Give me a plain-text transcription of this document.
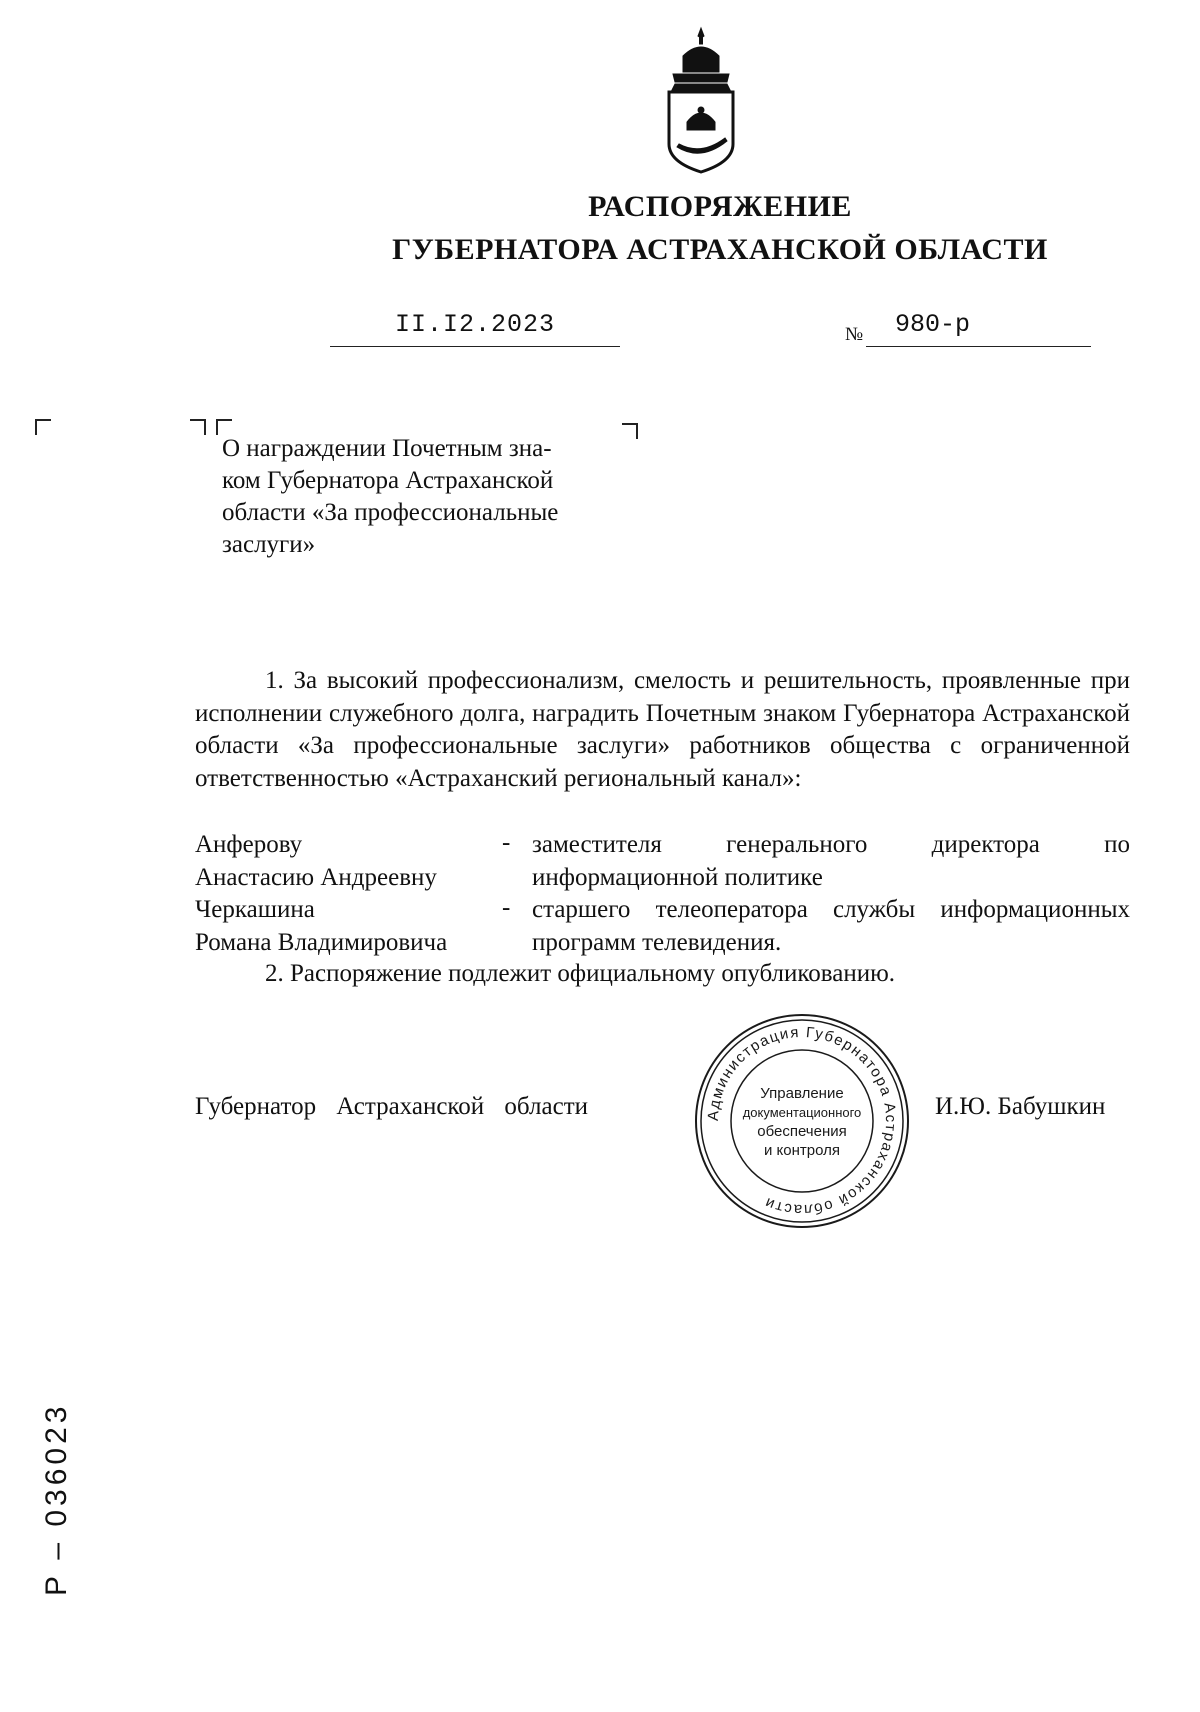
РАСПОРЯЖЕНИЕ
ГУБЕРНАТОРА АСТРАХАНСКОЙ ОБЛАСТИ
II.I2.2023	№ 980-р
О награждении Почетным зна-
ком Губернатора Астраханской
области «За профессиональные
заслуги»
1. За высокий профессионализм, смелость и решительность, проявленные при исполнении служебного долга, наградить Почетным знаком Губернатора Астраханской области «За профессиональные заслуги» работников общества с ограниченной ответственностью «Астраханский региональный канал»:
Анферову
Анастасию Андреевну
- заместителя генерального директора по информационной политике
Черкашина
Романа Владимировича
- старшего телеоператора службы информационных программ телевидения.
2. Распоряжение подлежит официальному опубликованию.
Губернатор Астраханской области	И.Ю. Бабушкин
Администрация Губернатора Астраханской области
Управление
документационного
обеспечения
и контроля
Р – 036023
